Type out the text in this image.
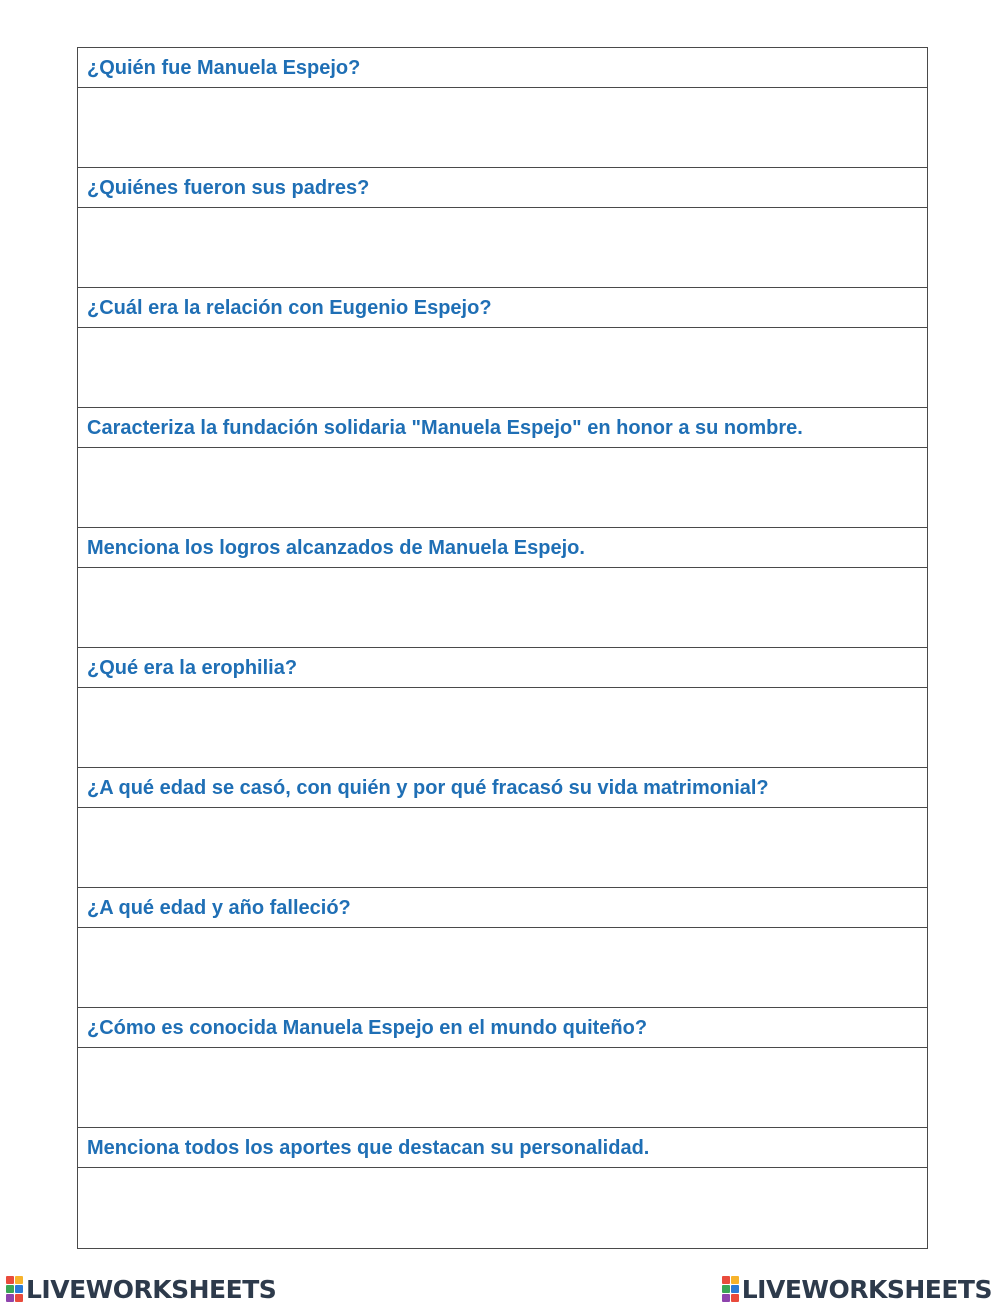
¿Quién fue Manuela Espejo?
¿Quiénes fueron sus padres?
¿Cuál era la relación con Eugenio Espejo?
Caracteriza la fundación solidaria "Manuela Espejo" en honor a su nombre.
Menciona los logros alcanzados de Manuela Espejo.
¿Qué era la erophilia?
¿A qué edad se casó, con quién y por qué fracasó su vida matrimonial?
¿A qué edad y año falleció?
¿Cómo es conocida Manuela Espejo en el mundo quiteño?
Menciona todos los aportes que destacan su personalidad.
LIVEWORKSHEETS	LIVEWORKSHEETS
